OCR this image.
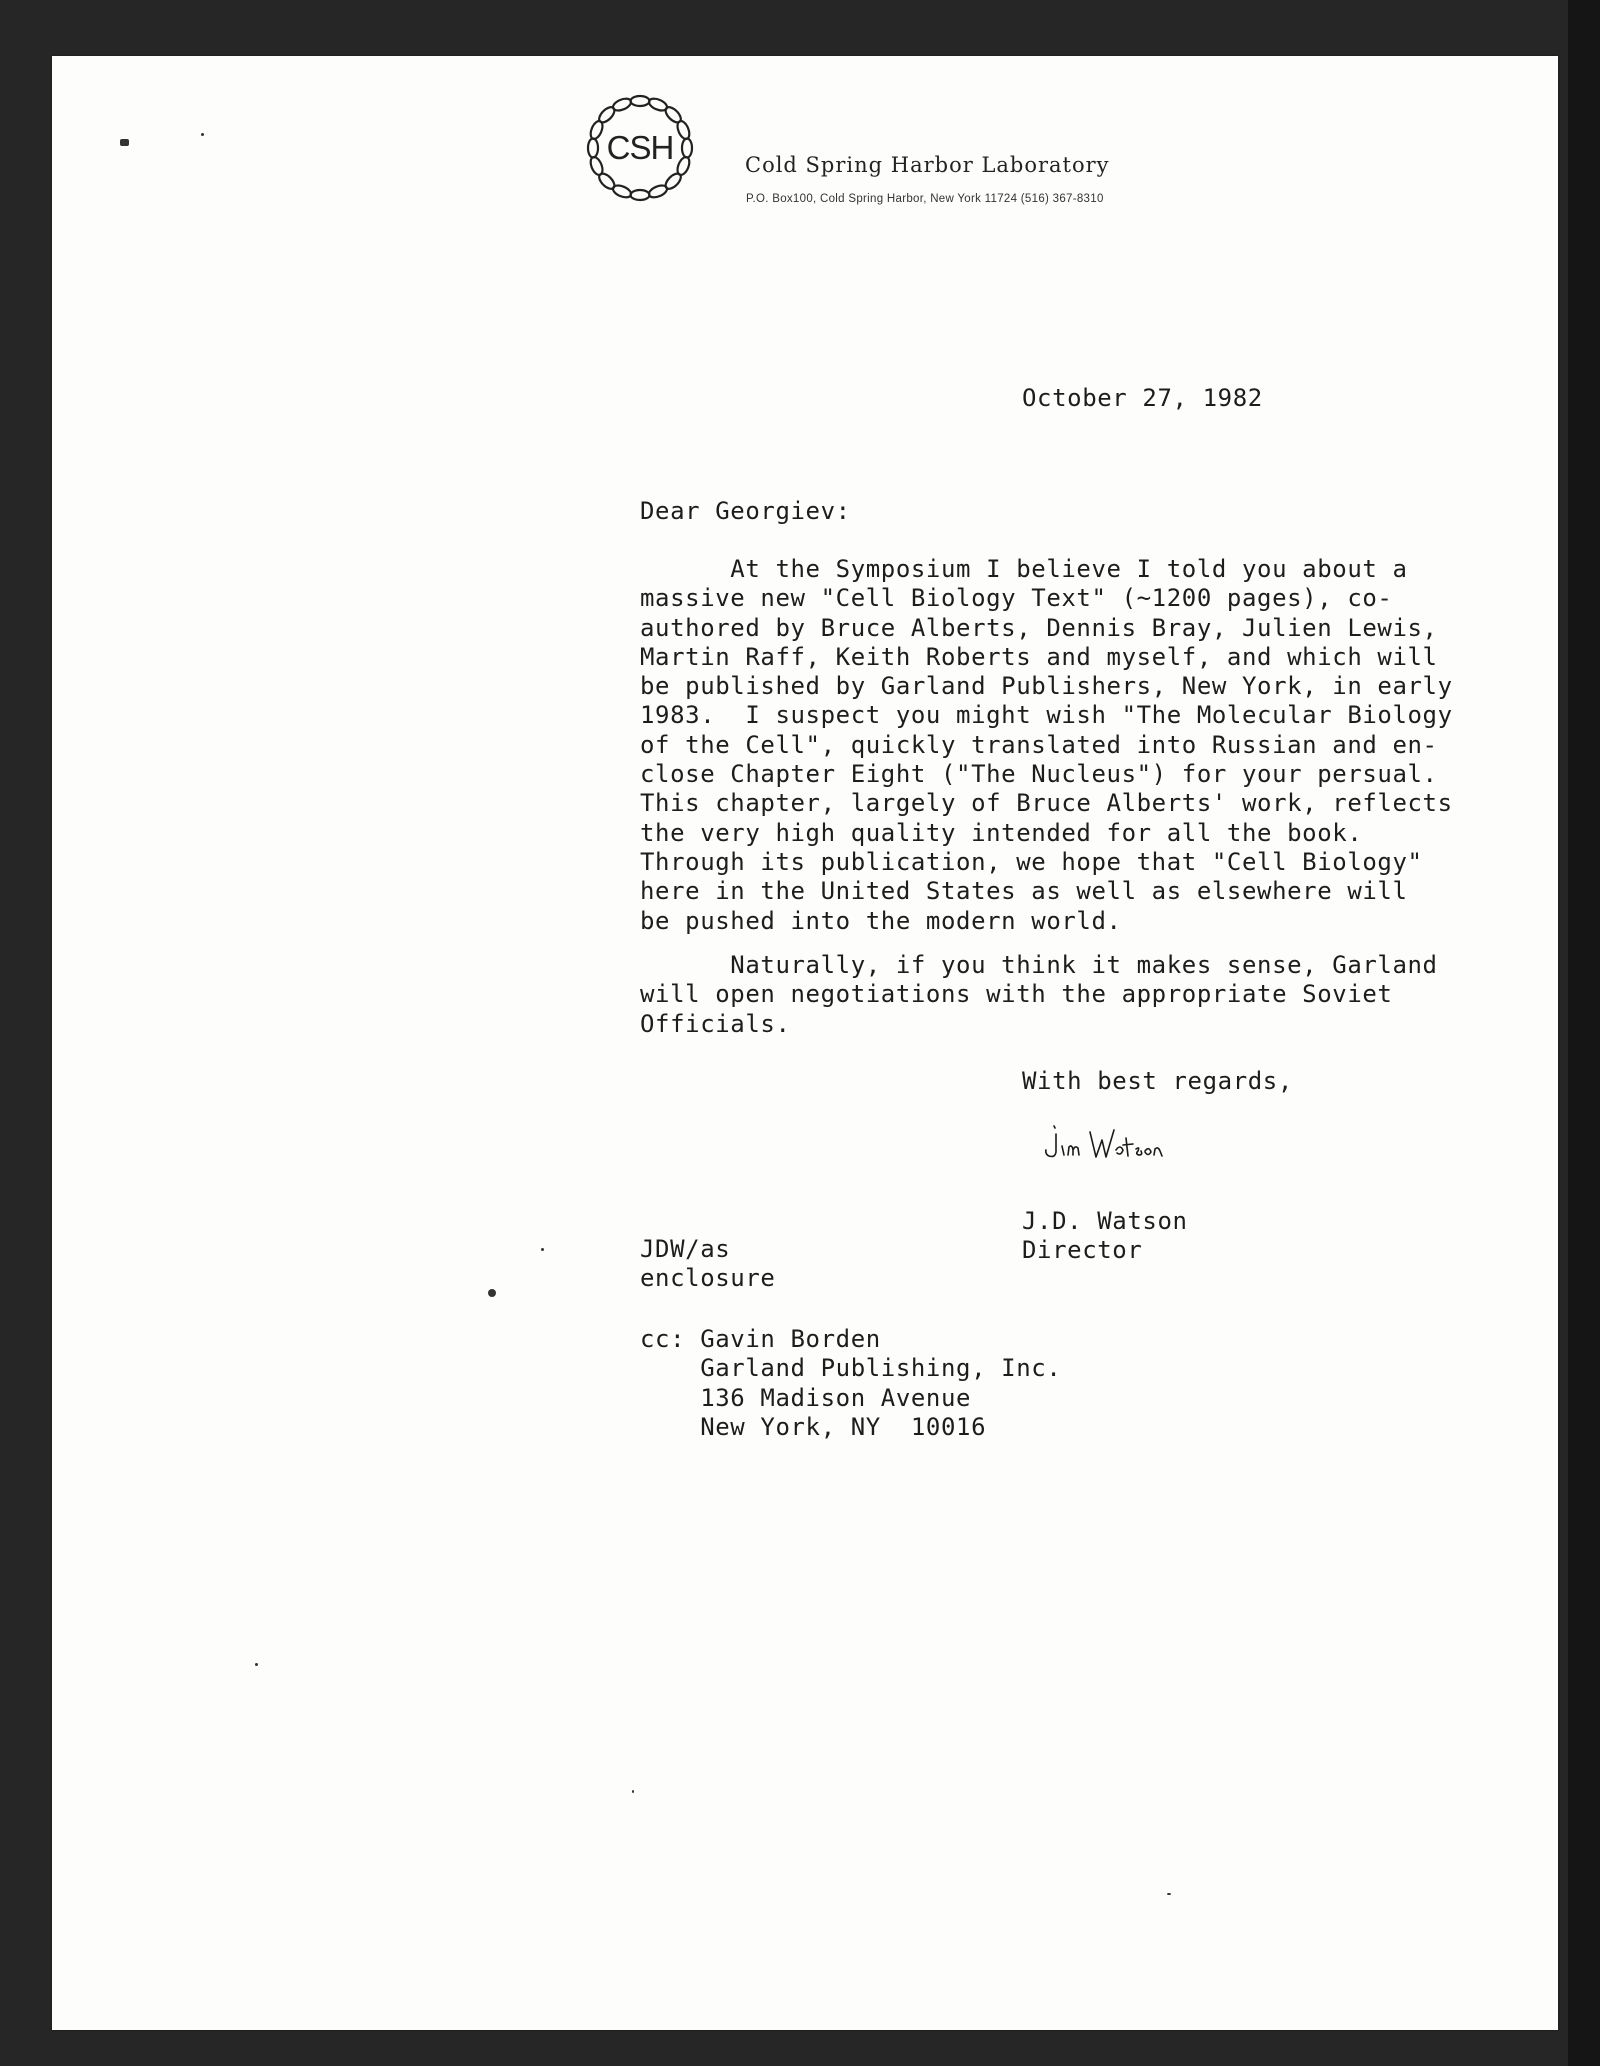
CSH	Cold Spring Harbor Laboratory
P.O. Box100, Cold Spring Harbor, New York 11724 (516) 367-8310
October 27, 1982
Dear Georgiev:
At the Symposium I believe I told you about a
massive new "Cell Biology Text" (~1200 pages), co-
authored by Bruce Alberts, Dennis Bray, Julien Lewis,
Martin Raff, Keith Roberts and myself, and which will
be published by Garland Publishers, New York, in early
1983.  I suspect you might wish "The Molecular Biology
of the Cell", quickly translated into Russian and en-
close Chapter Eight ("The Nucleus") for your persual.
This chapter, largely of Bruce Alberts' work, reflects
the very high quality intended for all the book.
Through its publication, we hope that "Cell Biology"
here in the United States as well as elsewhere will
be pushed into the modern world.
Naturally, if you think it makes sense, Garland
will open negotiations with the appropriate Soviet
Officials.
With best regards,
J.D. Watson
Director
JDW/as
enclosure
cc: Gavin Borden
Garland Publishing, Inc.
136 Madison Avenue
New York, NY  10016
